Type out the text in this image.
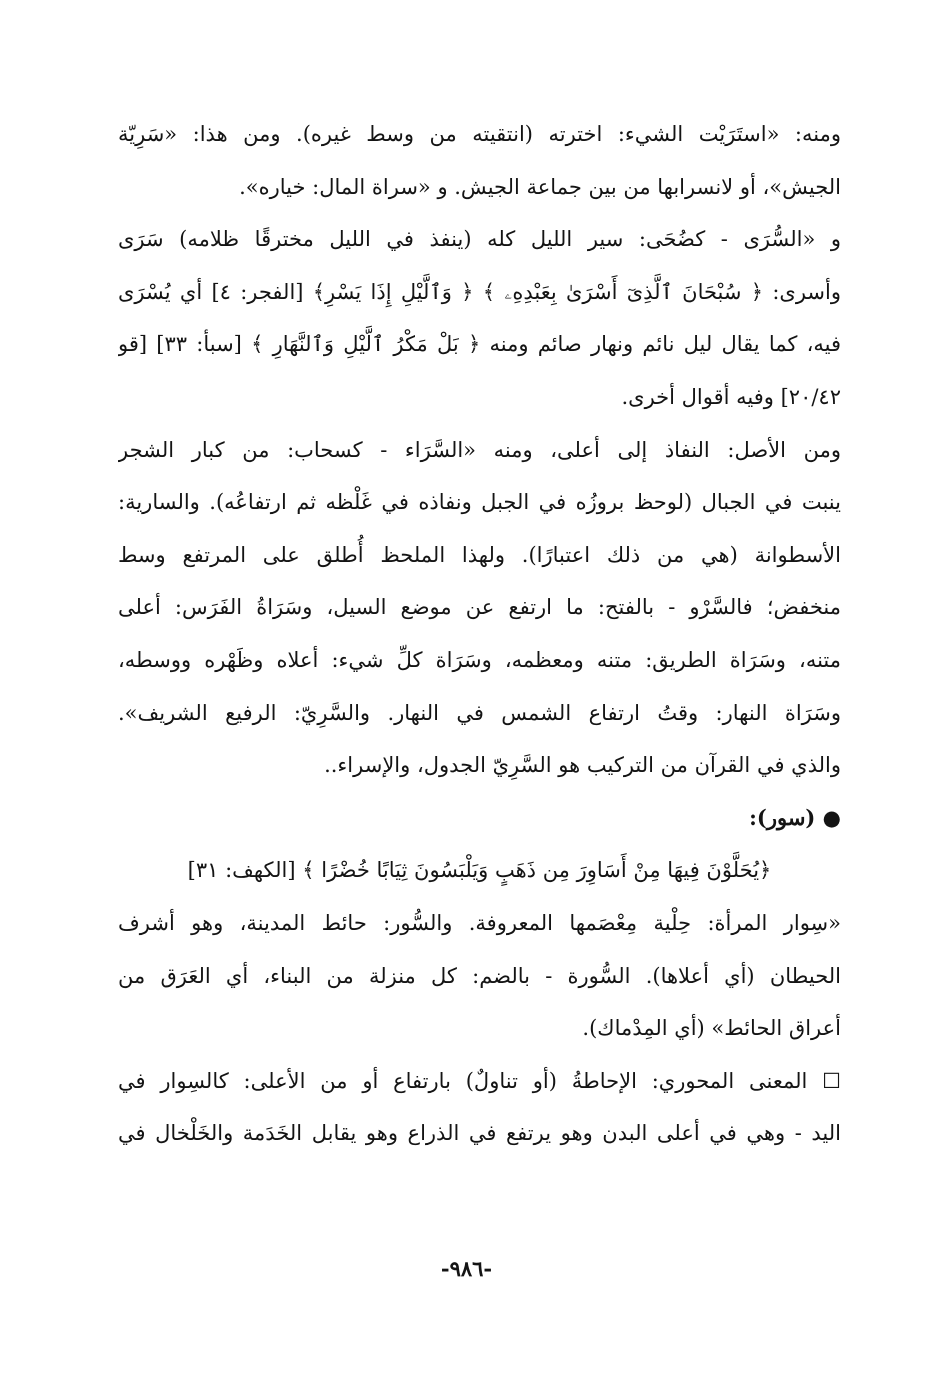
ومنه: «استَرَيْت الشيء: اخترته (انتقيته من وسط غيره). ومن هذا: «سَرِيّة
الجيش»، أو لانسرابها من بين جماعة الجيش. و «سراة المال: خياره».
و «السُّرَى - كضُحَى: سير الليل كله (ينفذ في الليل مخترقًا ظلامه) سَرَى
وأسرى: ﴿ سُبْحَانَ ٱلَّذِىٓ أَسْرَىٰ بِعَبْدِهِۦ ﴾ ﴿ وَٱلَّيْلِ إِذَا يَسْرِ﴾ [الفجر: ٤] أي يُسْرَى
فيه، كما يقال ليل نائم ونهار صائم ومنه ﴿ بَلْ مَكْرُ ٱلَّيْلِ وَٱلنَّهَارِ ﴾ [سبأ: ٣٣] [قو
٢٠/٤٢] وفيه أقوال أخرى.
ومن الأصل: النفاذ إلى أعلى، ومنه «السَّرَاء - كسحاب: من كبار الشجر
ينبت في الجبال (لوحظ بروزُه في الجبل ونفاذه في غَلْظه ثم ارتفاعُه). والسارية:
الأسطوانة (هي من ذلك اعتبارًا). ولهذا الملحظ أُطلق على المرتفع وسط
منخفض؛ فالسَّرْو - بالفتح: ما ارتفع عن موضع السيل، وسَرَاةُ الفَرَس: أعلى
متنه، وسَرَاة الطريق: متنه ومعظمه، وسَرَاة كلِّ شيء: أعلاه وظَهْره ووسطه،
وسَرَاة النهار: وقتُ ارتفاع الشمس في النهار. والسَّرِيّ: الرفيع الشريف».
والذي في القرآن من التركيب هو السَّرِيّ الجدول، والإسراء..
● (سور):
﴿يُحَلَّوْنَ فِيهَا مِنْ أَسَاوِرَ مِن ذَهَبٍ وَيَلْبَسُونَ ثِيَابًا خُضْرًا ﴾ [الكهف: ٣١]
«سِوار المرأة: حِلْية مِعْصَمها المعروفة. والسُّور: حائط المدينة، وهو أشرف
الحيطان (أي أعلاها). السُّورة - بالضم: كل منزلة من البناء، أي العَرَق من
أعراق الحائط» (أي المِدْماك).
☐ المعنى المحوري: الإحاطةُ (أو تناولٌ) بارتفاع أو من الأعلى: كالسِوار في
اليد - وهي في أعلى البدن وهو يرتفع في الذراع وهو يقابل الخَدَمة والخَلْخال في
-٩٨٦-
